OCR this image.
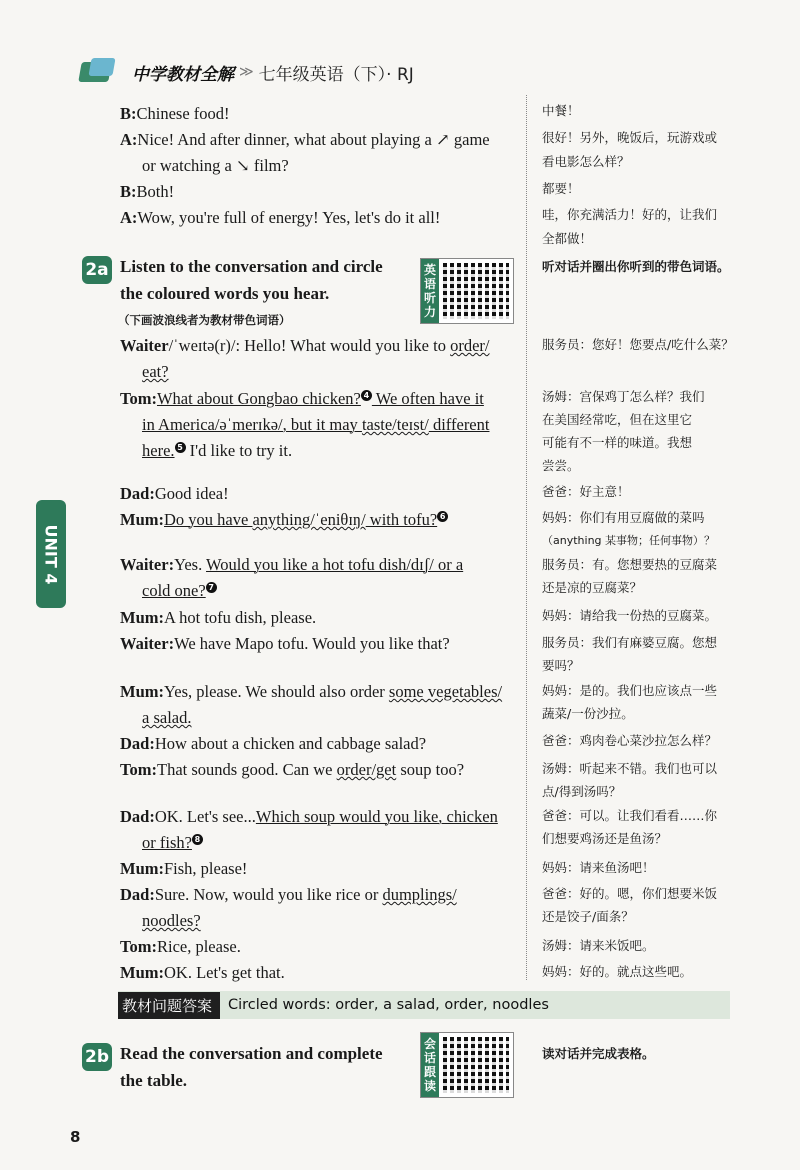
中学教材全解 ≫ 七年级英语（下）· RJ
B:Chinese food!
A:Nice! And after dinner, what about playing a ↗ game
or watching a ↘ film?
B:Both!
A:Wow, you're full of energy! Yes, let's do it all!
中餐！
很好！另外，晚饭后，玩游戏或
看电影怎么样？
都要！
哇，你充满活力！好的，让我们
全都做！
2a Listen to the conversation and circle
the coloured words you hear.
（下画波浪线者为教材带色词语）
英
语
听
力
听对话并圈出你听到的带色词语。
Waiter/ˈweɪtə(r)/: Hello! What would you like to order/
eat?
Tom:What about Gongbao chicken? 4 We often have it
in America/əˈmerɪkə/, but it may taste/teɪst/ different
here. 5 I'd like to try it.
Dad:Good idea!
Mum:Do you have anything/ˈeniθɪŋ/ with tofu? 6
Waiter:Yes. Would you like a hot tofu dish/dɪʃ/ or a
cold one? 7
Mum:A hot tofu dish, please.
Waiter:We have Mapo tofu. Would you like that?
Mum:Yes, please. We should also order some vegetables/
a salad.
Dad:How about a chicken and cabbage salad?
Tom:That sounds good. Can we order/get soup too?
Dad:OK. Let's see...Which soup would you like, chicken
or fish? 8
Mum:Fish, please!
Dad:Sure. Now, would you like rice or dumplings/
noodles?
Tom:Rice, please.
Mum:OK. Let's get that.
服务员：您好！您要点/吃什么菜？
汤姆：宫保鸡丁怎么样？我们
在美国经常吃，但在这里它
可能有不一样的味道。我想
尝尝。
爸爸：好主意！
妈妈：你们有用豆腐做的菜吗
（anything 某事物；任何事物）？
服务员：有。您想要热的豆腐菜
还是凉的豆腐菜？
妈妈：请给我一份热的豆腐菜。
服务员：我们有麻婆豆腐。您想
要吗？
妈妈：是的。我们也应该点一些
蔬菜/一份沙拉。
爸爸：鸡肉卷心菜沙拉怎么样？
汤姆：听起来不错。我们也可以
点/得到汤吗？
爸爸：可以。让我们看看……你
们想要鸡汤还是鱼汤？
妈妈：请来鱼汤吧！
爸爸：好的。嗯，你们想要米饭
还是饺子/面条？
汤姆：请来米饭吧。
妈妈：好的。就点这些吧。
UNIT 4
教材问题答案	Circled words: order, a salad, order, noodles
2b Read the conversation and complete
the table.
会
话
跟
读
读对话并完成表格。
8
